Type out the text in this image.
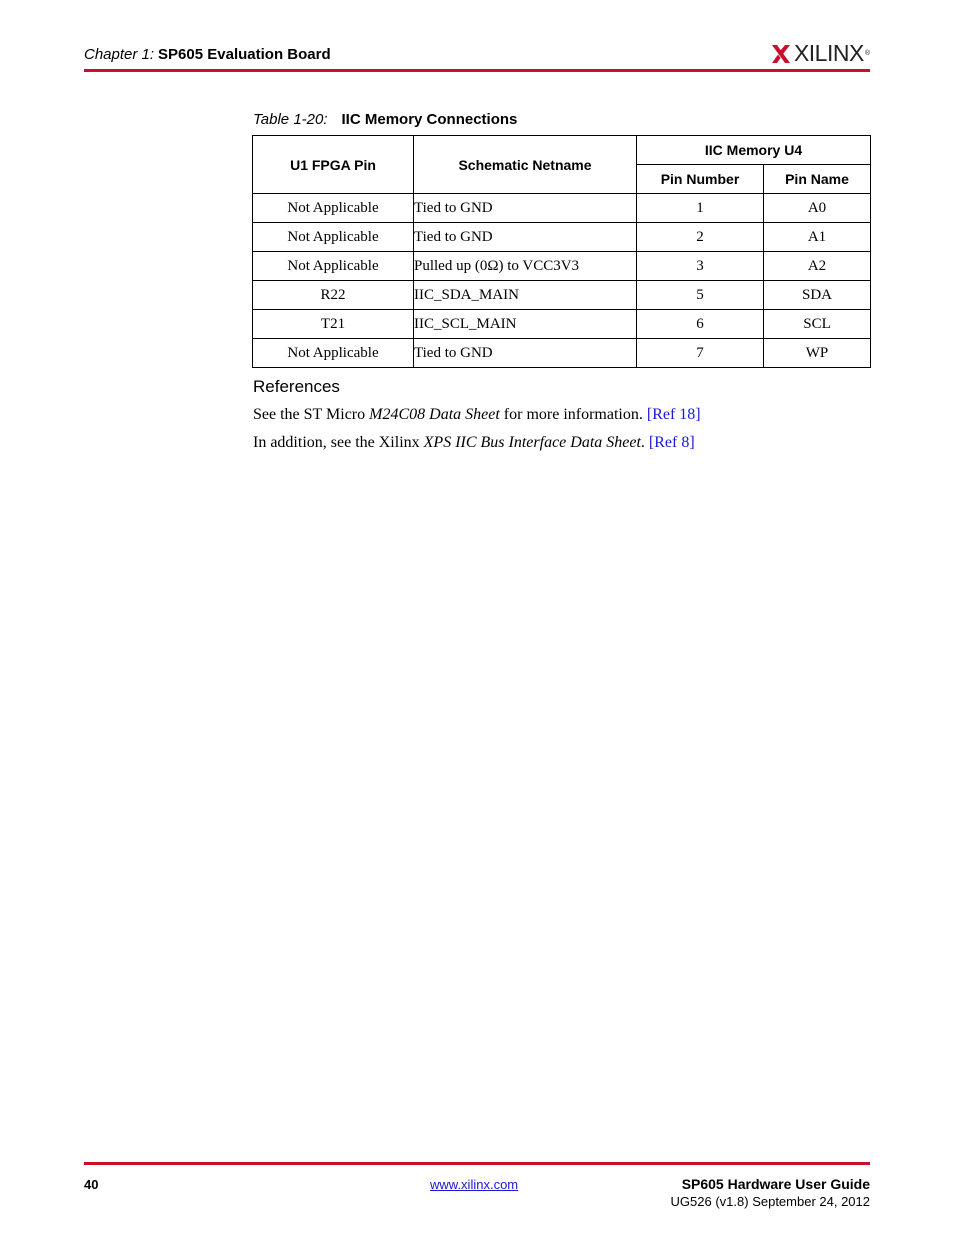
Chapter 1: SP605 Evaluation Board	XILINX ®
Table 1-20: IIC Memory Connections
U1 FPGA Pin	Schematic Netname	IIC Memory U4	
		Pin Number	Pin Name
Not Applicable	Tied to GND	1	A0
Not Applicable	Tied to GND	2	A1
Not Applicable	Pulled up (0Ω) to VCC3V3	3	A2
R22	IIC_SDA_MAIN	5	SDA
T21	IIC_SCL_MAIN	6	SCL
Not Applicable	Tied to GND	7	WP
References
See the ST Micro M24C08 Data Sheet for more information. [Ref 18]
In addition, see the Xilinx XPS IIC Bus Interface Data Sheet. [Ref 8]
40	www.xilinx.com	SP605 Hardware User Guide
UG526 (v1.8) September 24, 2012
